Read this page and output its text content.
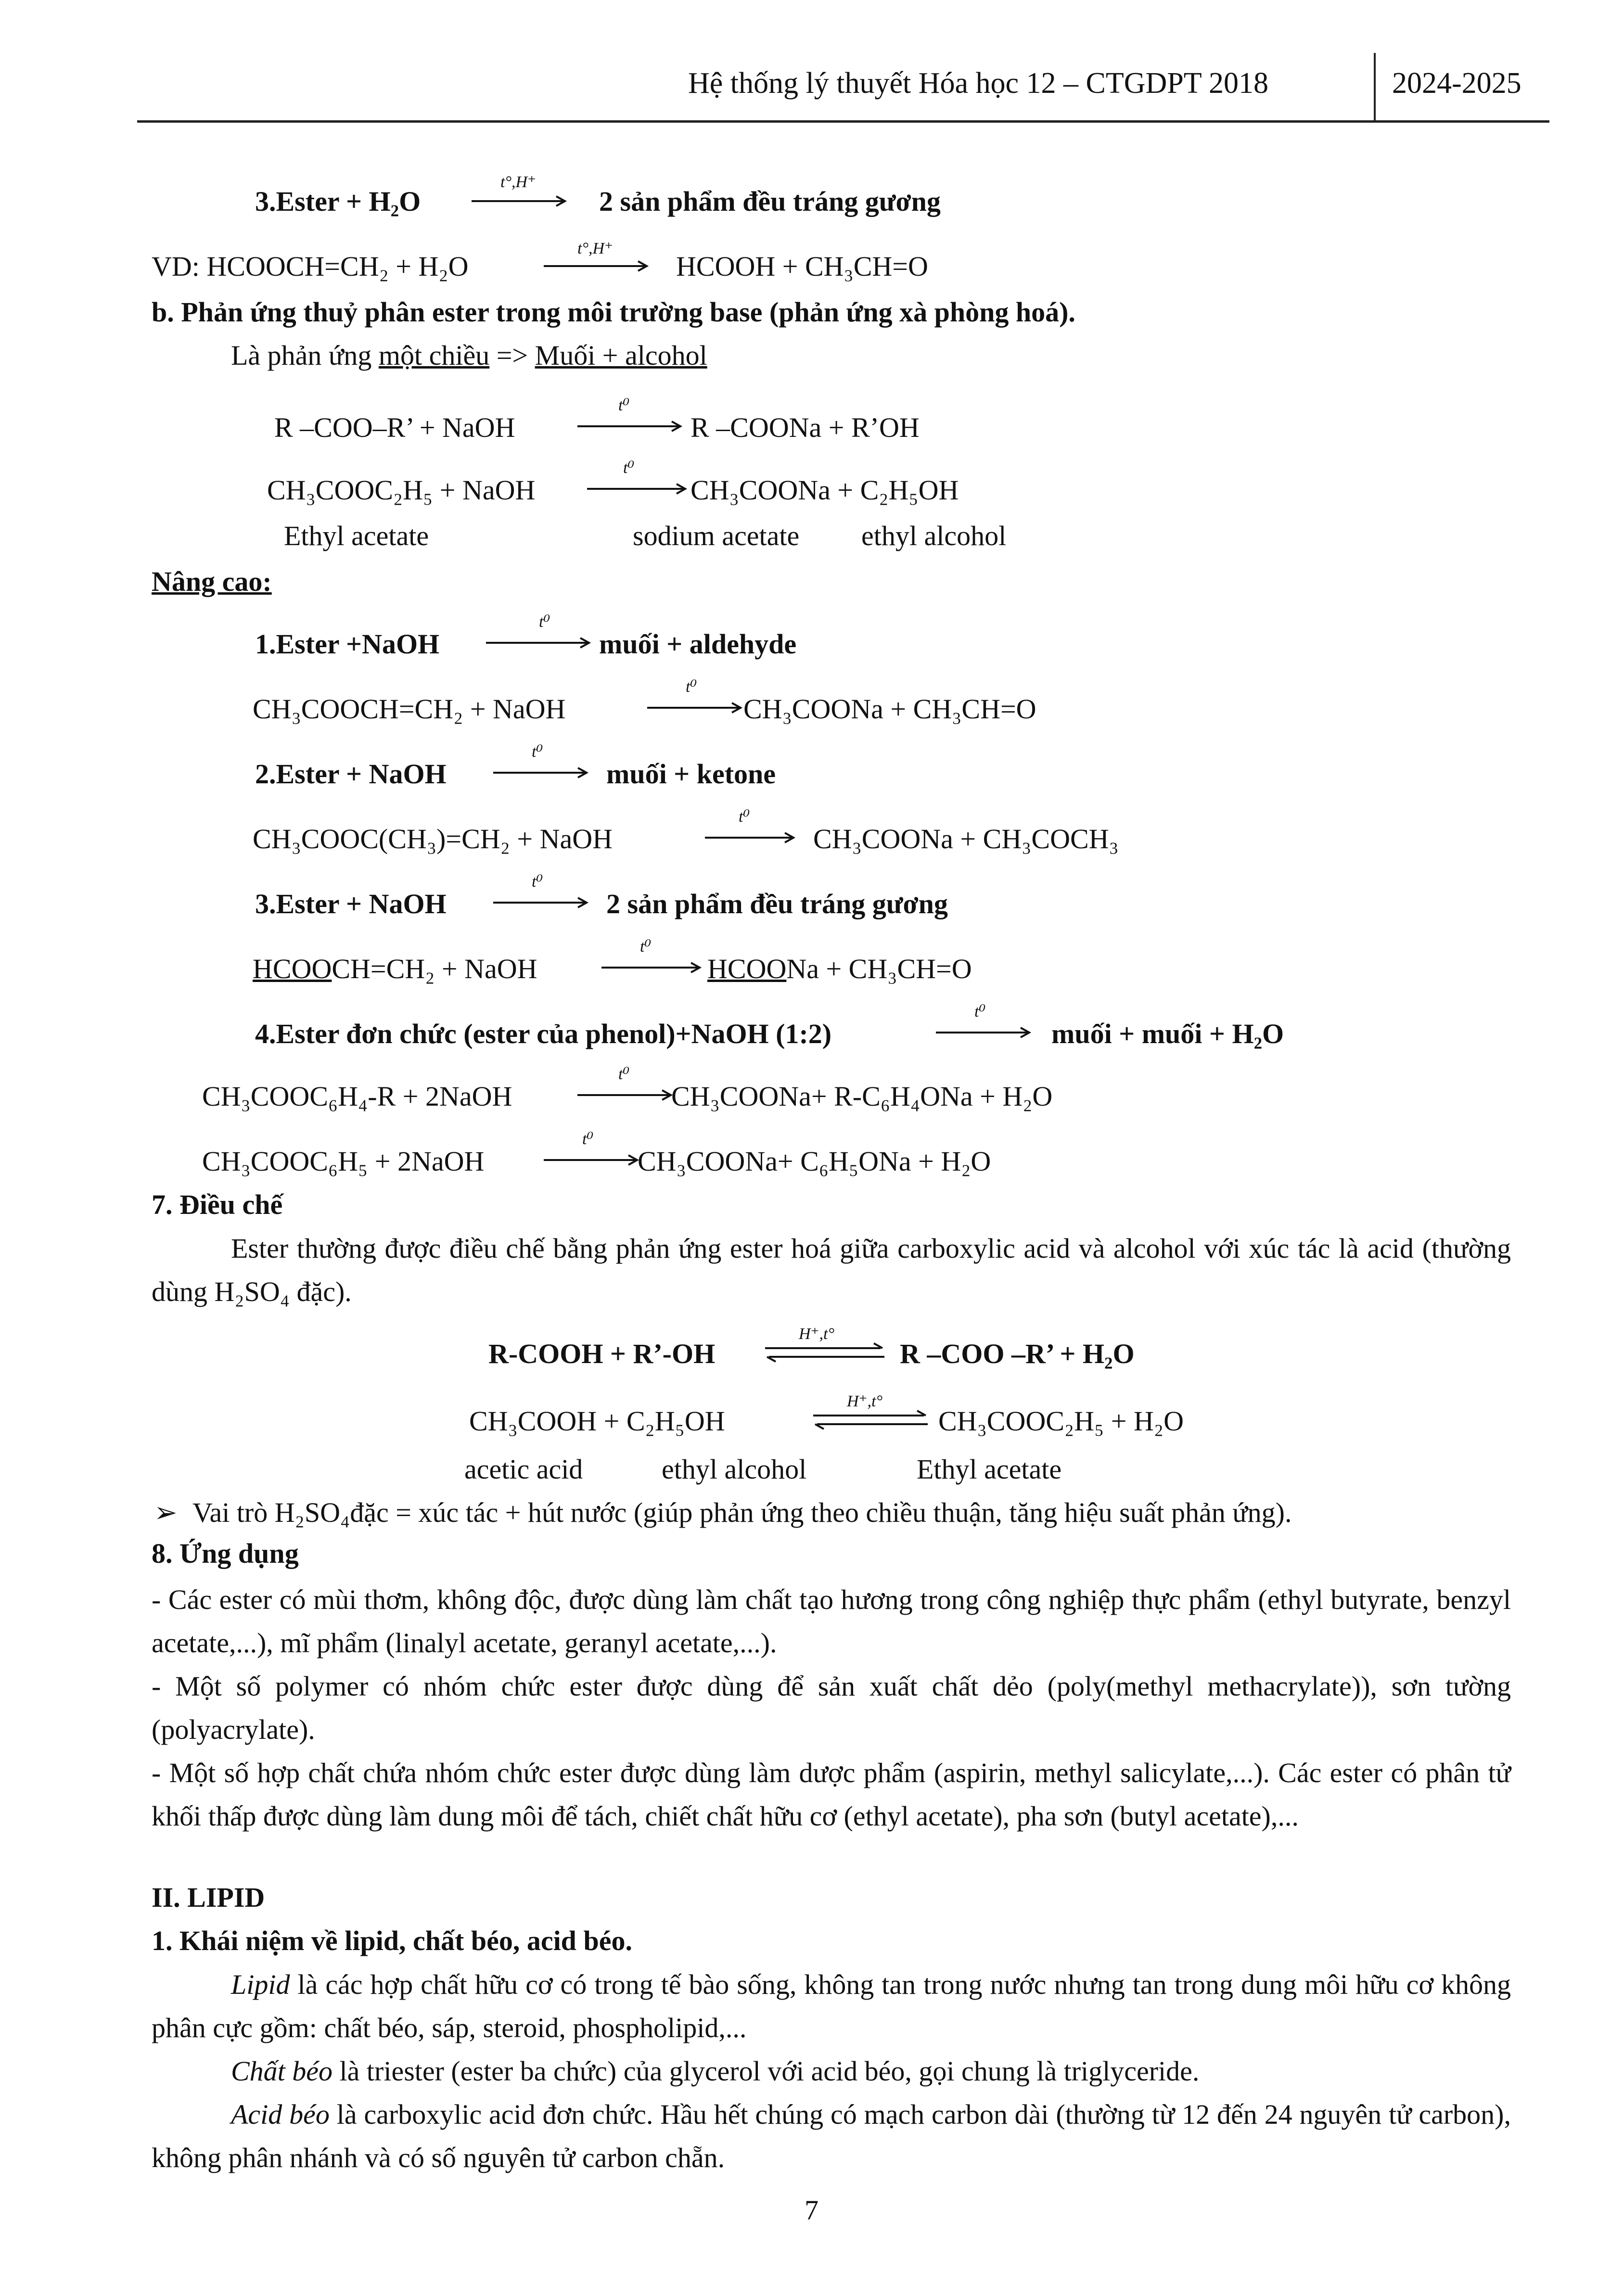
Hệ thống lý thuyết Hóa học 12 – CTGDPT 2018	2024-2025
3.Ester + H₂O
t°,H⁺
2 sản phẩm đều tráng gương
VD: HCOOCH=CH₂ + H₂O
t°,H⁺
HCOOH + CH₃CH=O
b. Phản ứng thuỷ phân ester trong môi trường base (phản ứng xà phòng hoá).
Là phản ứng một chiều => Muối + alcohol
R –COO–R’ + NaOH
t⁰
R –COONa + R’OH
CH₃COOC₂H₅ + NaOH
t⁰
CH₃COONa + C₂H₅OH
Ethyl acetate	sodium acetate ethyl alcohol
Nâng cao:
1.Ester +NaOH
t⁰
muối + aldehyde
CH₃COOCH=CH₂ + NaOH
t⁰
CH₃COONa + CH₃CH=O
2.Ester + NaOH
t⁰
muối + ketone
CH₃COOC(CH₃)=CH₂ + NaOH
t⁰
CH₃COONa + CH₃COCH₃
3.Ester + NaOH
t⁰
2 sản phẩm đều tráng gương
HCOOCH=CH₂ + NaOH
t⁰
HCOONa + CH₃CH=O
4.Ester đơn chức (ester của phenol)+NaOH (1:2)
t⁰
muối + muối + H₂O
CH₃COOC₆H₄-R + 2NaOH
t⁰
CH₃COONa+ R-C₆H₄ONa + H₂O
CH₃COOC₆H₅ + 2NaOH
t⁰
CH₃COONa+ C₆H₅ONa + H₂O
7. Điều chế
Ester thường được điều chế bằng phản ứng ester hoá giữa carboxylic acid và alcohol với xúc tác là acid (thường dùng H₂SO₄ đặc).
R-COOH + R’-OH
H⁺,t°
R –COO –R’ + H₂O
CH₃COOH + C₂H₅OH
H⁺,t°
CH₃COOC₂H₅ + H₂O
acetic acid	ethyl alcohol	Ethyl acetate
➢ Vai trò H₂SO₄đặc = xúc tác + hút nước (giúp phản ứng theo chiều thuận, tăng hiệu suất phản ứng).
8. Ứng dụng
- Các ester có mùi thơm, không độc, được dùng làm chất tạo hương trong công nghiệp thực phẩm (ethyl butyrate, benzyl acetate,...), mĩ phẩm (linalyl acetate, geranyl acetate,...).
- Một số polymer có nhóm chức ester được dùng để sản xuất chất dẻo (poly(methyl methacrylate)), sơn tường (polyacrylate).
- Một số hợp chất chứa nhóm chức ester được dùng làm dược phẩm (aspirin, methyl salicylate,...). Các ester có phân tử khối thấp được dùng làm dung môi để tách, chiết chất hữu cơ (ethyl acetate), pha sơn (butyl acetate),...
II. LIPID
1. Khái niệm về lipid, chất béo, acid béo.
Lipid là các hợp chất hữu cơ có trong tế bào sống, không tan trong nước nhưng tan trong dung môi hữu cơ không phân cực gồm: chất béo, sáp, steroid, phospholipid,...
Chất béo là triester (ester ba chức) của glycerol với acid béo, gọi chung là triglyceride.
Acid béo là carboxylic acid đơn chức. Hầu hết chúng có mạch carbon dài (thường từ 12 đến 24 nguyên tử carbon), không phân nhánh và có số nguyên tử carbon chẵn.
7
